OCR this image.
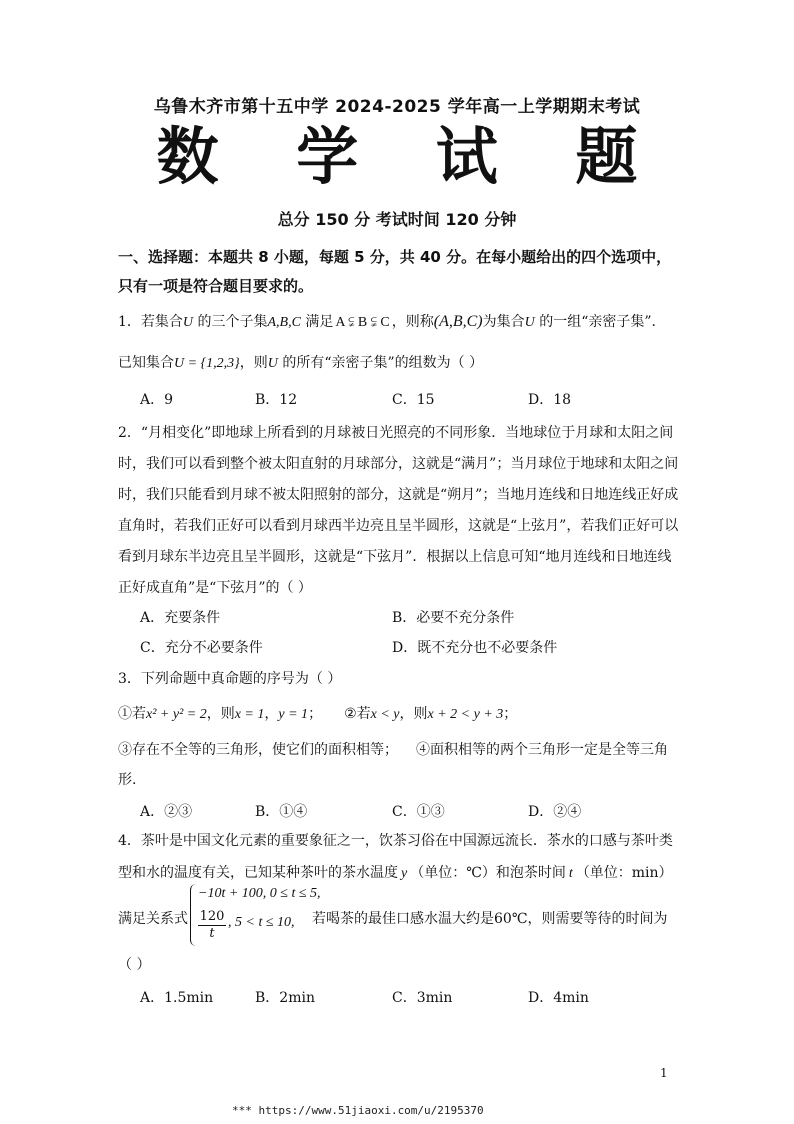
乌鲁木齐市第十五中学 2024-2025 学年高一上学期期末考试
数 学 试 题
总分 150 分 考试时间 120 分钟
一、选择题：本题共 8 小题，每题 5 分，共 40 分。在每小题给出的四个选项中，
只有一项是符合题目要求的。
1．若集合U 的三个子集A,B,C 满足 A ⫋ B ⫋ C ，则称(A,B,C)为集合U 的一组“亲密子集”.
已知集合U = {1,2,3}，则U 的所有“亲密子集”的组数为（ ）
A．9	B．12	C．15	D．18
2．“月相变化”即地球上所看到的月球被日光照亮的不同形象．当地球位于月球和太阳之间
时，我们可以看到整个被太阳直射的月球部分，这就是“满月”；当月球位于地球和太阳之间
时，我们只能看到月球不被太阳照射的部分，这就是“朔月”；当地月连线和日地连线正好成
直角时，若我们正好可以看到月球西半边亮且呈半圆形，这就是“上弦月”，若我们正好可以
看到月球东半边亮且呈半圆形，这就是“下弦月”．根据以上信息可知“地月连线和日地连线
正好成直角”是“下弦月”的（ ）
A．充要条件	B．必要不充分条件
C．充分不必要条件	D．既不充分也不必要条件
3．下列命题中真命题的序号为（ ）
①若x² + y² = 2，则x = 1，y = 1； ②若x < y，则x + 2 < y + 3；
③存在不全等的三角形，使它们的面积相等； ④面积相等的两个三角形一定是全等三角
形.
A．②③	B．①④	C．①③	D．②④
4．茶叶是中国文化元素的重要象征之一，饮茶习俗在中国源远流长．茶水的口感与茶叶类
型和水的温度有关，已知某种茶叶的茶水温度 y （单位：℃）和泡茶时间 t （单位：min）
满足关系式
−10t + 100, 0 ≤ t ≤ 5,
$\frac{120}{t}$ , 5 < t ≤ 10, 若喝茶的最佳口感水温大约是60℃，则需要等待的时间为
（ ）
A．1.5min	B．2min	C．3min	D．4min
1
*** https://www.51jiaoxi.com/u/2195370
